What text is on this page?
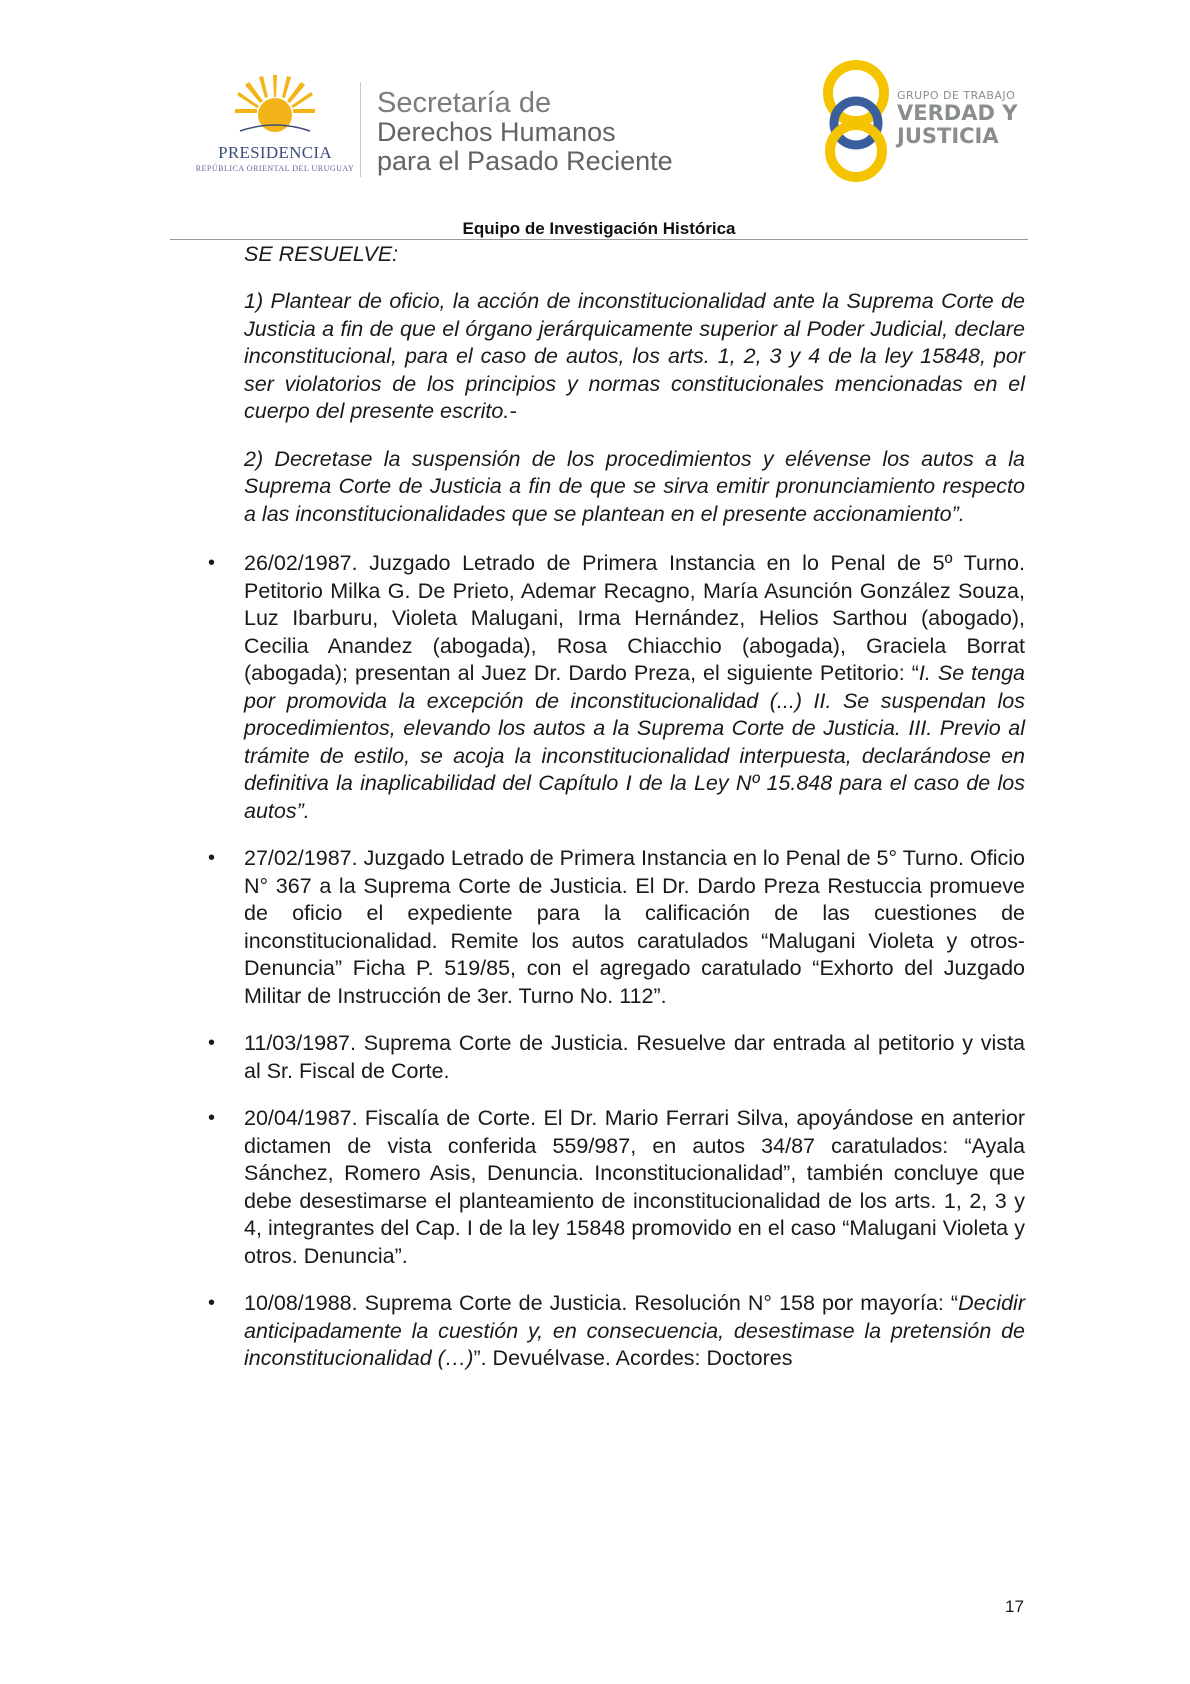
PRESIDENCIA
REPÚBLICA ORIENTAL DEL URUGUAY
Secretaría de
Derechos Humanos
para el Pasado Reciente
GRUPO DE TRABAJO
VERDAD Y
JUSTICIA
Equipo de Investigación Histórica

SE RESUELVE:

1) Plantear de oficio, la acción de inconstitucionalidad ante la Suprema Corte de Justicia a fin de que el órgano jerárquicamente superior al Poder Judicial, declare inconstitucional, para el caso de autos, los arts. 1, 2, 3 y 4 de la ley 15848, por ser violatorios de los principios y normas constitucionales mencionadas en el cuerpo del presente escrito.-

2) Decretase la suspensión de los procedimientos y elévense los autos a la Suprema Corte de Justicia a fin de que se sirva emitir pronunciamiento respecto a las inconstitucionalidades que se plantean en el presente accionamiento”.

• 26/02/1987. Juzgado Letrado de Primera Instancia en lo Penal de 5º Turno. Petitorio Milka G. De Prieto, Ademar Recagno, María Asunción González Souza, Luz Ibarburu, Violeta Malugani, Irma Hernández, Helios Sarthou (abogado), Cecilia Anandez (abogada), Rosa Chiacchio (abogada), Graciela Borrat (abogada); presentan al Juez Dr. Dardo Preza, el siguiente Petitorio: “I. Se tenga por promovida la excepción de inconstitucionalidad (...) II. Se suspendan los procedimientos, elevando los autos a la Suprema Corte de Justicia. III. Previo al trámite de estilo, se acoja la inconstitucionalidad interpuesta, declarándose en definitiva la inaplicabilidad del Capítulo I de la Ley Nº 15.848 para el caso de los autos”.

• 27/02/1987. Juzgado Letrado de Primera Instancia en lo Penal de 5° Turno. Oficio N° 367 a la Suprema Corte de Justicia. El Dr. Dardo Preza Restuccia promueve de oficio el expediente para la calificación de las cuestiones de inconstitucionalidad. Remite los autos caratulados “Malugani Violeta y otros-Denuncia” Ficha P. 519/85, con el agregado caratulado “Exhorto del Juzgado Militar de Instrucción de 3er. Turno No. 112”.

• 11/03/1987. Suprema Corte de Justicia. Resuelve dar entrada al petitorio y vista al Sr. Fiscal de Corte.

• 20/04/1987. Fiscalía de Corte. El Dr. Mario Ferrari Silva, apoyándose en anterior dictamen de vista conferida 559/987, en autos 34/87 caratulados: “Ayala Sánchez, Romero Asis, Denuncia. Inconstitucionalidad”, también concluye que debe desestimarse el planteamiento de inconstitucionalidad de los arts. 1, 2, 3 y 4, integrantes del Cap. I de la ley 15848 promovido en el caso “Malugani Violeta y otros. Denuncia”.

• 10/08/1988. Suprema Corte de Justicia. Resolución N° 158 por mayoría: “Decidir anticipadamente la cuestión y, en consecuencia, desestimase la pretensión de inconstitucionalidad (…)”. Devuélvase. Acordes: Doctores

17
